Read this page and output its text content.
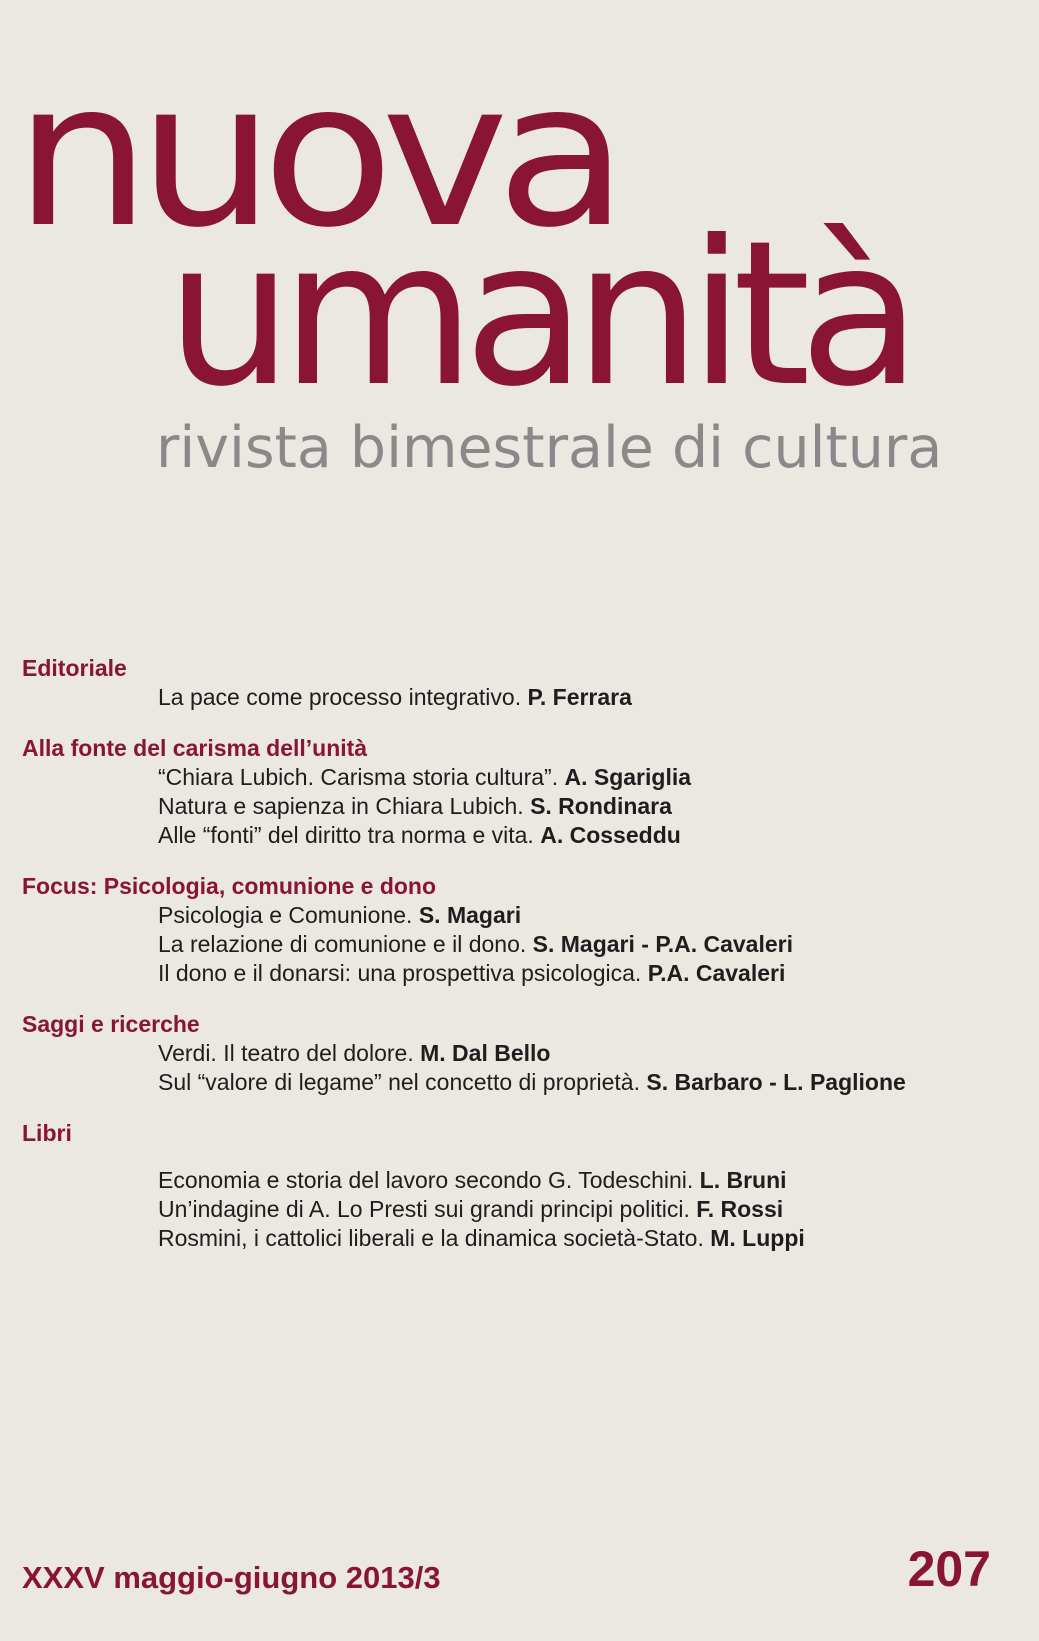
nuova
umanità

rivista bimestrale di cultura

Editoriale

La pace come processo integrativo. P. Ferrara

Alla fonte del carisma dell’unità

“Chiara Lubich. Carisma storia cultura”. A. Sgariglia

Natura e sapienza in Chiara Lubich. S. Rondinara

Alle “fonti” del diritto tra norma e vita. A. Cosseddu

Focus: Psicologia, comunione e dono

Psicologia e Comunione. S. Magari

La relazione di comunione e il dono. S. Magari - P.A. Cavaleri

Il dono e il donarsi: una prospettiva psicologica. P.A. Cavaleri

Saggi e ricerche

Verdi. Il teatro del dolore. M. Dal Bello

Sul “valore di legame” nel concetto di proprietà. S. Barbaro - L. Paglione

Libri

Economia e storia del lavoro secondo G. Todeschini. L. Bruni

Un’indagine di A. Lo Presti sui grandi principi politici. F. Rossi

Rosmini, i cattolici liberali e la dinamica società-Stato. M. Luppi

XXXV maggio-giugno 2013/3	207
